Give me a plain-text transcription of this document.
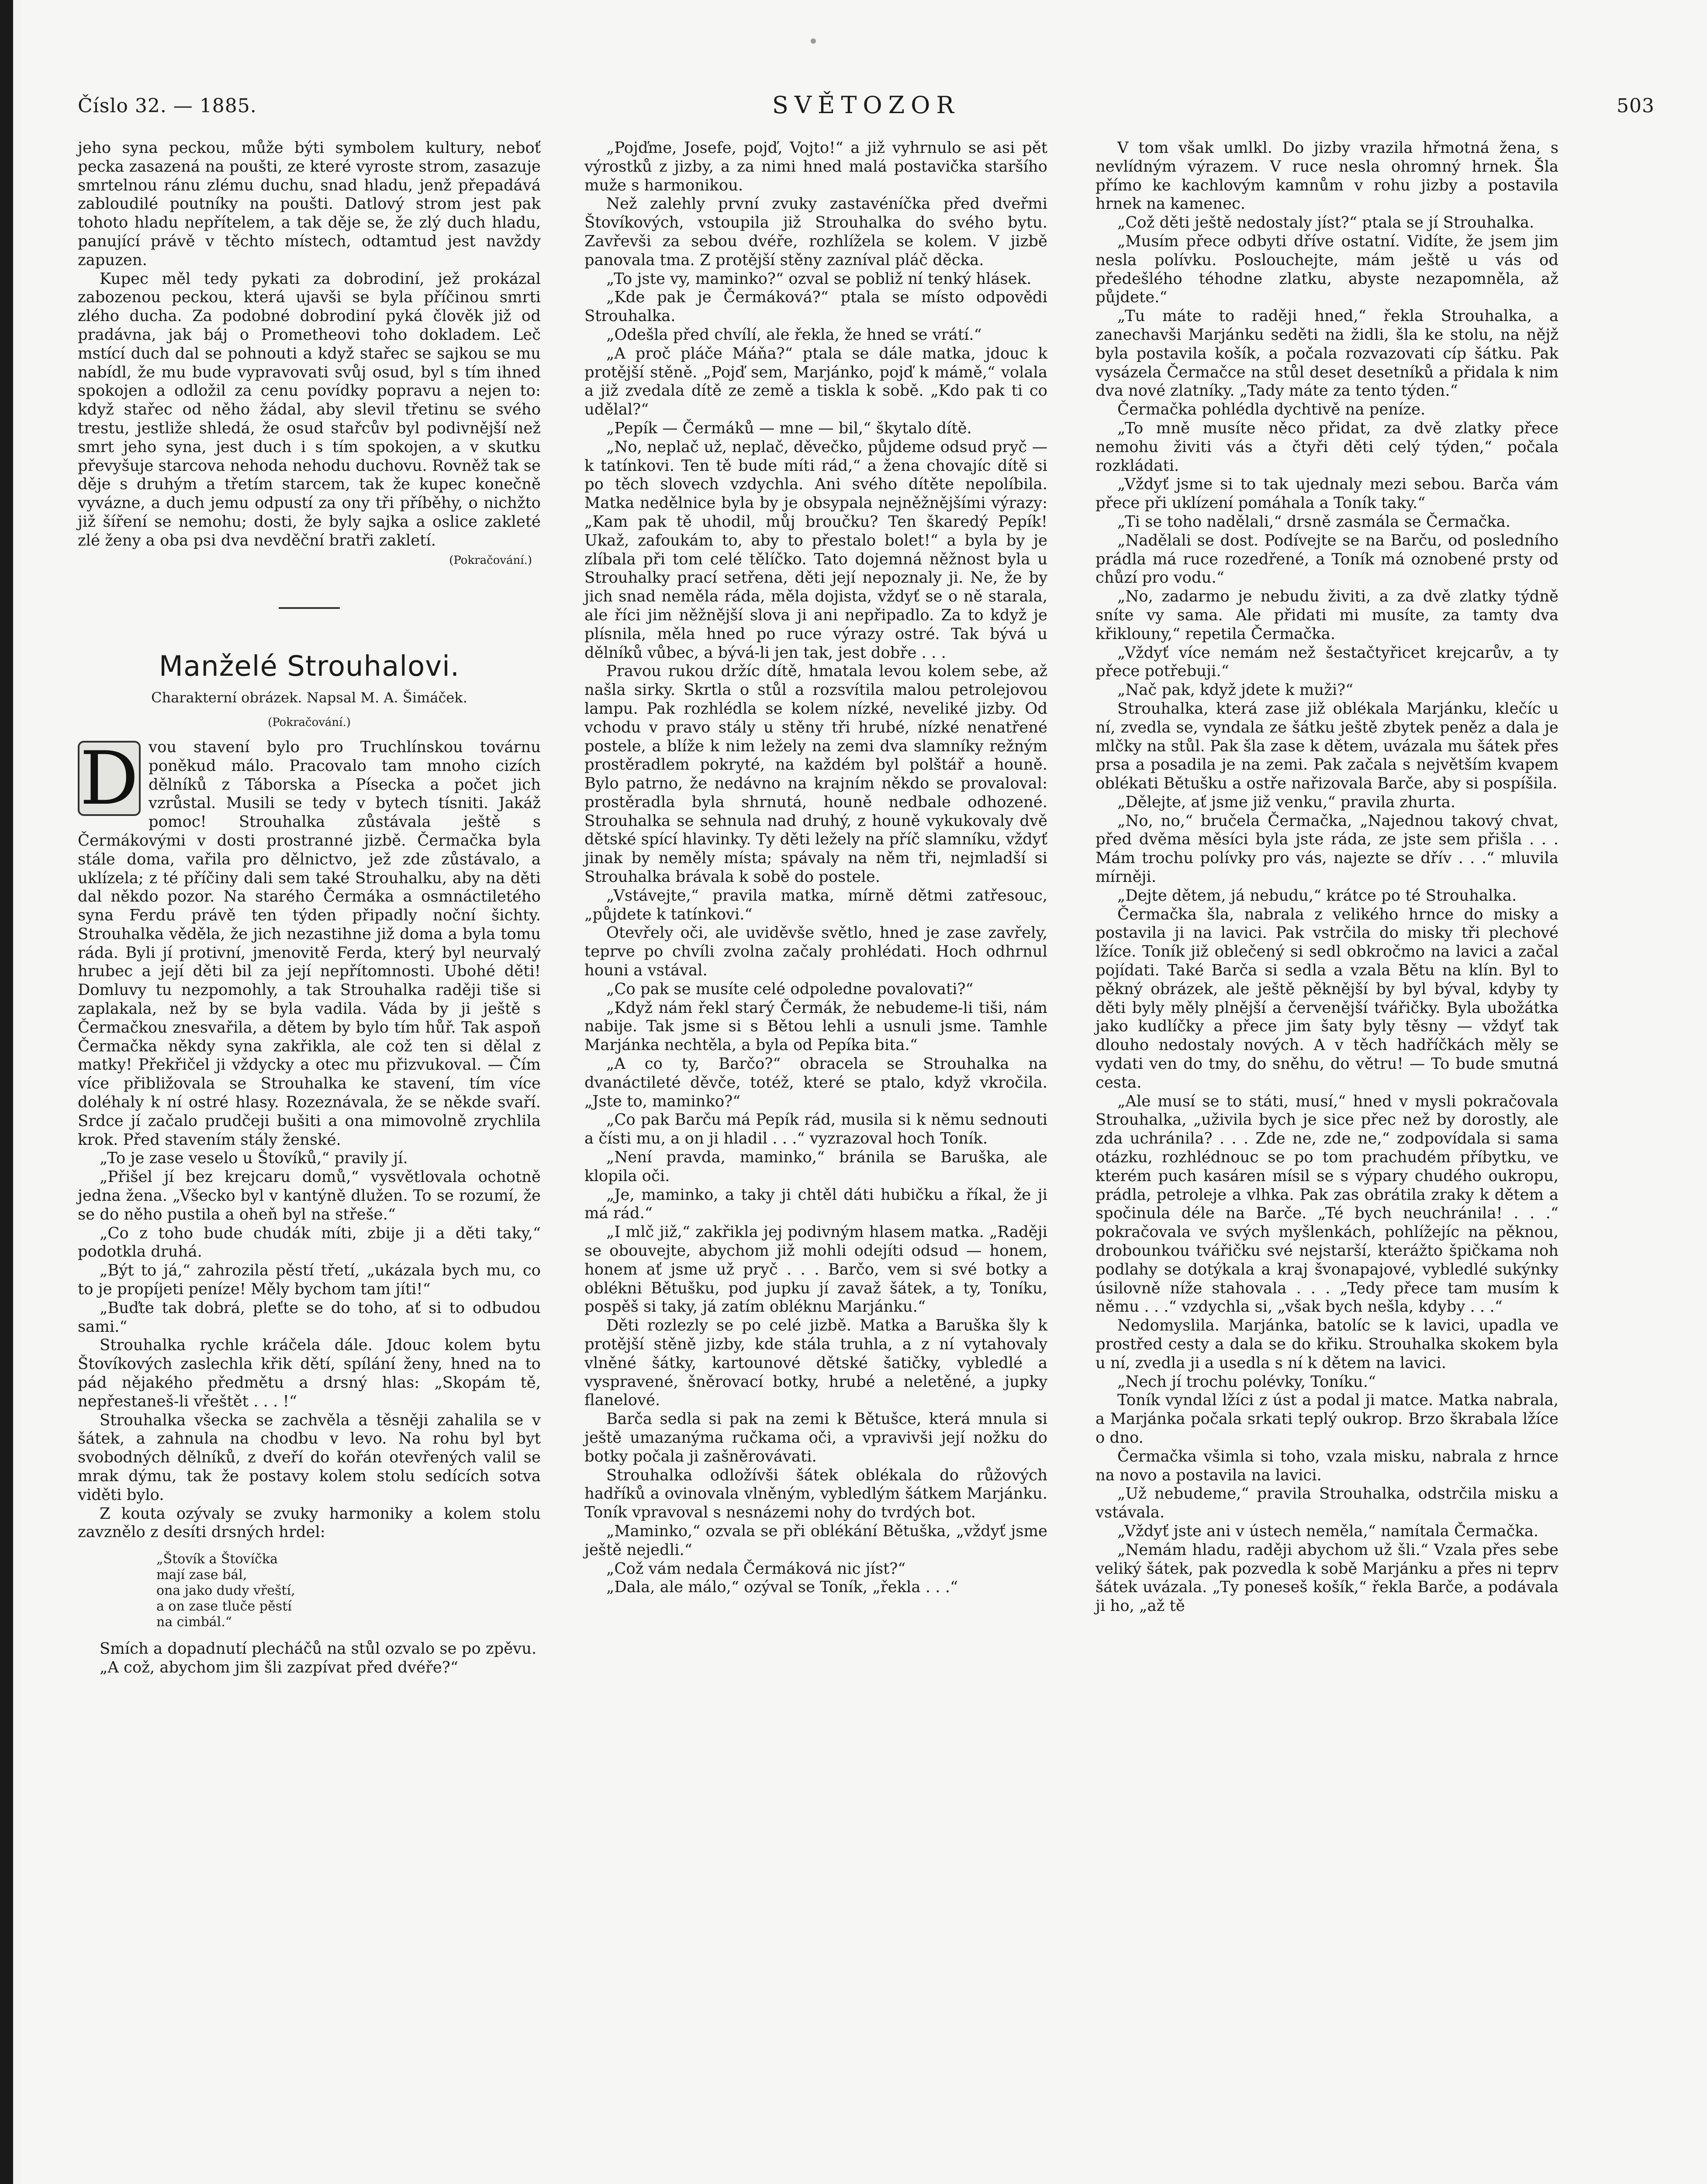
Číslo 32. — 1885.	SVĚTOZOR	503

jeho syna peckou, může býti symbolem kultury, neboť pecka zasazená na poušti, ze které vyroste strom, zasazuje smrtelnou ránu zlému duchu, snad hladu, jenž přepadává zabloudilé poutníky na poušti. Datlový strom jest pak tohoto hladu nepřítelem, a tak děje se, že zlý duch hladu, panující právě v těchto místech, odtamtud jest navždy zapuzen.

Kupec měl tedy pykati za dobrodiní, jež prokázal zabozenou peckou, která ujavši se byla příčinou smrti zlého ducha. Za podobné dobrodiní pyká člověk již od pradávna, jak báj o Prometheovi toho dokladem. Leč mstící duch dal se pohnouti a když stařec se sajkou se mu nabídl, že mu bude vypravovati svůj osud, byl s tím ihned spokojen a odložil za cenu povídky popravu a nejen to: když stařec od něho žádal, aby slevil třetinu se svého trestu, jestliže shledá, že osud stařcův byl podivnější než smrt jeho syna, jest duch i s tím spokojen, a v skutku převyšuje starcova nehoda nehodu duchovu. Rovněž tak se děje s druhým a třetím starcem, tak že kupec konečně vyvázne, a duch jemu odpustí za ony tři příběhy, o nichžto již šíření se nemohu; dosti, že byly sajka a oslice zakleté zlé ženy a oba psi dva nevděční bratři zakletí.

(Pokračování.)
Manželé Strouhalovi.
Charakterní obrázek. Napsal M. A. Šimáček.
(Pokračování.)

D vou stavení bylo pro Truchlínskou továrnu poněkud málo. Pracovalo tam mnoho cizích dělníků z Táborska a Písecka a počet jich vzrůstal. Musili se tedy v bytech tísniti. Jakáž pomoc! Strouhalka zůstávala ještě s Čermákovými v dosti prostranné jizbě. Čermačka byla stále doma, vařila pro dělnictvo, jež zde zůstávalo, a uklízela; z té příčiny dali sem také Strouhalku, aby na děti dal někdo pozor. Na starého Čermáka a osmnáctiletého syna Ferdu právě ten týden připadly noční šichty. Strouhalka věděla, že jich nezastihne již doma a byla tomu ráda. Byli jí protivní, jmenovitě Ferda, který byl neurvalý hrubec a její děti bil za její nepřítomnosti. Ubohé děti! Domluvy tu nezpomohly, a tak Strouhalka raději tiše si zaplakala, než by se byla vadila. Váda by ji ještě s Čermačkou znesvařila, a dětem by bylo tím hůř. Tak aspoň Čermačka někdy syna zakřikla, ale což ten si dělal z matky! Překřičel ji vždycky a otec mu přizvukoval. — Čím více přibližovala se Strouhalka ke stavení, tím více doléhaly k ní ostré hlasy. Rozeznávala, že se někde svaří. Srdce jí začalo prudčeji bušiti a ona mimovolně zrychlila krok. Před stavením stály ženské.

„To je zase veselo u Štovíků,“ pravily jí.

„Přišel jí bez krejcaru domů,“ vysvětlovala ochotně jedna žena. „Všecko byl v kantýně dlužen. To se rozumí, že se do něho pustila a oheň byl na střeše.“

„Co z toho bude chudák míti, zbije ji a děti taky,“ podotkla druhá.

„Být to já,“ zahrozila pěstí třetí, „ukázala bych mu, co to je propíjeti peníze! Měly bychom tam jíti!“

„Buďte tak dobrá, pleťte se do toho, ať si to odbudou sami.“

Strouhalka rychle kráčela dále. Jdouc kolem bytu Štovíkových zaslechla křik dětí, spílání ženy, hned na to pád nějakého předmětu a drsný hlas: „Skopám tě, nepřestaneš-li vřeštět . . . !“

Strouhalka všecka se zachvěla a těsněji zahalila se v šátek, a zahnula na chodbu v levo. Na rohu byl byt svobodných dělníků, z dveří do kořán otevřených valil se mrak dýmu, tak že postavy kolem stolu sedících sotva viděti bylo.

Z kouta ozývaly se zvuky harmoniky a kolem stolu zavznělo z desíti drsných hrdel:

„Štovík a Štovíčka
mají zase bál,
ona jako dudy vřeští,
a on zase tluče pěstí
na cimbál.“

Smích a dopadnutí plecháčů na stůl ozvalo se po zpěvu.

„A což, abychom jim šli zazpívat před dvéře?“

„Pojďme, Josefe, pojď, Vojto!“ a již vyhrnulo se asi pět výrostků z jizby, a za nimi hned malá postavička staršího muže s harmonikou.

Než zalehly první zvuky zastavéníčka před dveřmi Štovíkových, vstoupila již Strouhalka do svého bytu. Zavřevši za sebou dvéře, rozhlížela se kolem. V jizbě panovala tma. Z protější stěny zazníval pláč děcka.

„To jste vy, maminko?“ ozval se pobliž ní tenký hlásek.

„Kde pak je Čermáková?“ ptala se místo odpovědi Strouhalka.

„Odešla před chvílí, ale řekla, že hned se vrátí.“

„A proč pláče Máňa?“ ptala se dále matka, jdouc k protější stěně. „Pojď sem, Marjánko, pojď k mámě,“ volala a již zvedala dítě ze země a tiskla k sobě. „Kdo pak ti co udělal?“

„Pepík — Čermáků — mne — bil,“ škytalo dítě.

„No, neplač už, neplač, děvečko, půjdeme odsud pryč — k tatínkovi. Ten tě bude míti rád,“ a žena chovajíc dítě si po těch slovech vzdychla. Ani svého dítěte nepolíbila. Matka nedělnice byla by je obsypala nejněžnějšími výrazy: „Kam pak tě uhodil, můj broučku? Ten škaredý Pepík! Ukaž, zafoukám to, aby to přestalo bolet!“ a byla by je zlíbala při tom celé tělíčko. Tato dojemná něžnost byla u Strouhalky prací setřena, děti její nepoznaly ji. Ne, že by jich snad neměla ráda, měla dojista, vždyť se o ně starala, ale říci jim něžnější slova ji ani nepřipadlo. Za to když je plísnila, měla hned po ruce výrazy ostré. Tak bývá u dělníků vůbec, a bývá-li jen tak, jest dobře . . .

Pravou rukou držíc dítě, hmatala levou kolem sebe, až našla sirky. Skrtla o stůl a rozsvítila malou petrolejovou lampu. Pak rozhlédla se kolem nízké, neveliké jizby. Od vchodu v pravo stály u stěny tři hrubé, nízké nenatřené postele, a blíže k nim ležely na zemi dva slamníky režným prostěradlem pokryté, na každém byl polštář a houně. Bylo patrno, že nedávno na krajním někdo se provaloval: prostěradla byla shrnutá, houně nedbale odhozené. Strouhalka se sehnula nad druhý, z houně vykukovaly dvě dětské spící hlavinky. Ty děti ležely na příč slamníku, vždyť jinak by neměly místa; spávaly na něm tři, nejmladší si Strouhalka brávala k sobě do postele.

„Vstávejte,“ pravila matka, mírně dětmi zatřesouc, „půjdete k tatínkovi.“

Otevřely oči, ale uviděvše světlo, hned je zase zavřely, teprve po chvíli zvolna začaly prohlédati. Hoch odhrnul houni a vstával.

„Co pak se musíte celé odpoledne povalovati?“

„Když nám řekl starý Čermák, že nebudeme-li tiši, nám nabije. Tak jsme si s Bětou lehli a usnuli jsme. Tamhle Marjánka nechtěla, a byla od Pepíka bita.“

„A co ty, Barčo?“ obracela se Strouhalka na dvanáctileté děvče, totéž, které se ptalo, když vkročila. „Jste to, maminko?“

„Co pak Barču má Pepík rád, musila si k němu sednouti a čísti mu, a on ji hladil . . .“ vyzrazoval hoch Toník.

„Není pravda, maminko,“ bránila se Baruška, ale klopila oči.

„Je, maminko, a taky ji chtěl dáti hubičku a říkal, že ji má rád.“

„I mlč již,“ zakřikla jej podivným hlasem matka. „Raději se obouvejte, abychom již mohli odejíti odsud — honem, honem ať jsme už pryč . . . Barčo, vem si své botky a oblékni Bětušku, pod jupku jí zavaž šátek, a ty, Toníku, pospěš si taky, já zatím obléknu Marjánku.“

Děti rozlezly se po celé jizbě. Matka a Baruška šly k protější stěně jizby, kde stála truhla, a z ní vytahovaly vlněné šátky, kartounové dětské šatičky, vybledlé a vyspravené, šněrovací botky, hrubé a neletěné, a jupky flanelové.

Barča sedla si pak na zemi k Bětušce, která mnula si ještě umazanýma ručkama oči, a vpravivši její nožku do botky počala ji zašněrovávati.

Strouhalka odložívši šátek oblékala do růžových hadříků a ovinovala vlněným, vybledlým šátkem Marjánku. Toník vpravoval s nesnázemi nohy do tvrdých bot.

„Maminko,“ ozvala se při oblékání Bětuška, „vždyť jsme ještě nejedli.“

„Což vám nedala Čermáková nic jíst?“

„Dala, ale málo,“ ozýval se Toník, „řekla . . .“

V tom však umlkl. Do jizby vrazila hřmotná žena, s nevlídným výrazem. V ruce nesla ohromný hrnek. Šla přímo ke kachlovým kamnům v rohu jizby a postavila hrnek na kamenec.

„Což děti ještě nedostaly jíst?“ ptala se jí Strouhalka.

„Musím přece odbyti dříve ostatní. Vidíte, že jsem jim nesla polívku. Poslouchejte, mám ještě u vás od předešlého téhodne zlatku, abyste nezapomněla, až půjdete.“

„Tu máte to raději hned,“ řekla Strouhalka, a zanechavši Marjánku seděti na židli, šla ke stolu, na nějž byla postavila košík, a počala rozvazovati cíp šátku. Pak vysázela Čermačce na stůl deset desetníků a přidala k nim dva nové zlatníky. „Tady máte za tento týden.“

Čermačka pohlédla dychtivě na peníze.

„To mně musíte něco přidat, za dvě zlatky přece nemohu živiti vás a čtyři děti celý týden,“ počala rozkládati.

„Vždyť jsme si to tak ujednaly mezi sebou. Barča vám přece při uklízení pomáhala a Toník taky.“

„Ti se toho nadělali,“ drsně zasmála se Čermačka.

„Nadělali se dost. Podívejte se na Barču, od posledního prádla má ruce rozedřené, a Toník má oznobené prsty od chůzí pro vodu.“

„No, zadarmo je nebudu živiti, a za dvě zlatky týdně sníte vy sama. Ale přidati mi musíte, za tamty dva křiklouny,“ repetila Čermačka.

„Vždyť více nemám než šestačtyřicet krejcarův, a ty přece potřebuji.“

„Nač pak, když jdete k muži?“

Strouhalka, která zase již oblékala Marjánku, klečíc u ní, zvedla se, vyndala ze šátku ještě zbytek peněz a dala je mlčky na stůl. Pak šla zase k dětem, uvázala mu šátek přes prsa a posadila je na zemi. Pak začala s největším kvapem oblékati Bětušku a ostře nařizovala Barče, aby si pospíšila.

„Dělejte, ať jsme již venku,“ pravila zhurta.

„No, no,“ bručela Čermačka, „Najednou takový chvat, před dvěma měsíci byla jste ráda, ze jste sem přišla . . . Mám trochu polívky pro vás, najezte se dřív . . .“ mluvila mírněji.

„Dejte dětem, já nebudu,“ krátce po té Strouhalka.

Čermačka šla, nabrala z velikého hrnce do misky a postavila ji na lavici. Pak vstrčila do misky tři plechové lžíce. Toník již oblečený si sedl obkročmo na lavici a začal pojídati. Také Barča si sedla a vzala Bětu na klín. Byl to pěkný obrázek, ale ještě pěknější by byl býval, kdyby ty děti byly měly plnější a červenější tvářičky. Byla ubožátka jako kudlíčky a přece jim šaty byly těsny — vždyť tak dlouho nedostaly nových. A v těch hadříčkách měly se vydati ven do tmy, do sněhu, do větru! — To bude smutná cesta.

„Ale musí se to státi, musí,“ hned v mysli pokračovala Strouhalka, „uživila bych je sice přec než by dorostly, ale zda uchránila? . . . Zde ne, zde ne,“ zodpovídala si sama otázku, rozhlédnouc se po tom prachudém příbytku, ve kterém puch kasáren mísil se s výpary chudého oukropu, prádla, petroleje a vlhka. Pak zas obrátila zraky k dětem a spočinula déle na Barče. „Té bych neuchránila! . . .“ pokračovala ve svých myšlenkách, pohlížejíc na pěknou, drobounkou tvářičku své nejstarší, kterážto špičkama noh podlahy se dotýkala a kraj švonapajové, vybledlé sukýnky úsilovně níže stahovala . . . „Tedy přece tam musím k němu . . .“ vzdychla si, „však bych nešla, kdyby . . .“

Nedomyslila. Marjánka, batolíc se k lavici, upadla ve prostřed cesty a dala se do křiku. Strouhalka skokem byla u ní, zvedla ji a usedla s ní k dětem na lavici.

„Nech jí trochu polévky, Toníku.“

Toník vyndal lžíci z úst a podal ji matce. Matka nabrala, a Marjánka počala srkati teplý oukrop. Brzo škrabala lžíce o dno.

Čermačka všimla si toho, vzala misku, nabrala z hrnce na novo a postavila na lavici.

„Už nebudeme,“ pravila Strouhalka, odstrčila misku a vstávala.

„Vždyť jste ani v ústech neměla,“ namítala Čermačka.

„Nemám hladu, raději abychom už šli.“ Vzala přes sebe veliký šátek, pak pozvedla k sobě Marjánku a přes ni teprv šátek uvázala. „Ty poneseš košík,“ řekla Barče, a podávala ji ho, „až tě
